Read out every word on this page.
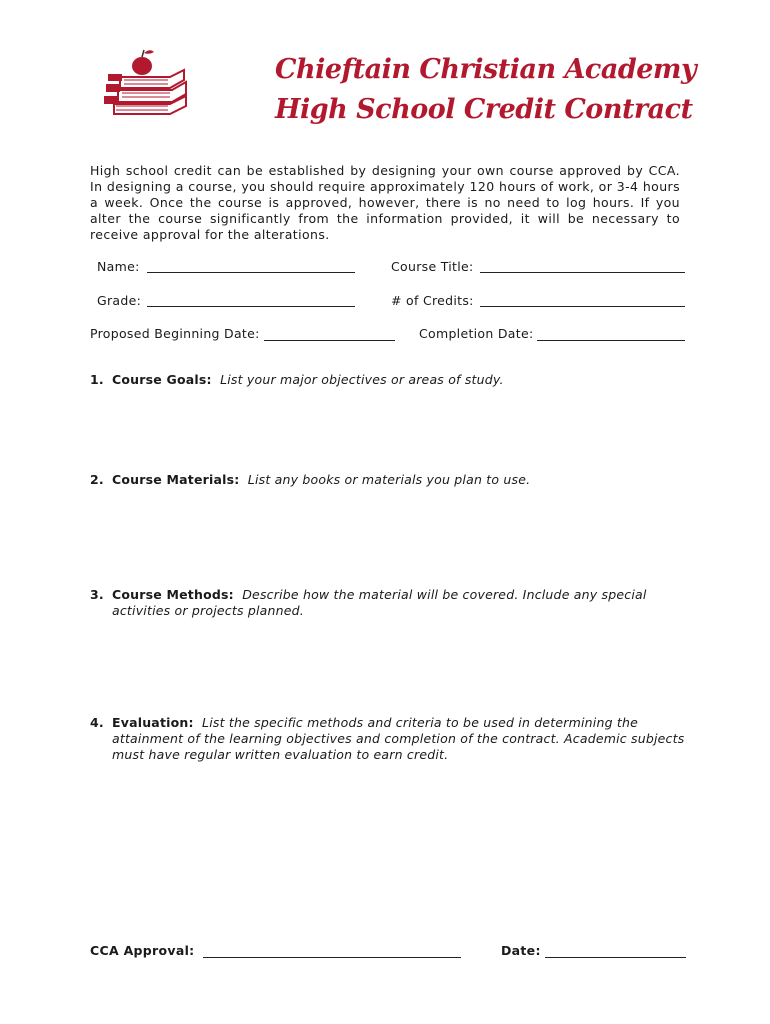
Chieftain Christian Academy
High School Credit Contract
High school credit can be established by designing your own course approved by CCA. In designing a course, you should require approximately 120 hours of work, or 3-4 hours a week. Once the course is approved, however, there is no need to log hours. If you alter the course significantly from the information provided, it will be necessary to receive approval for the alterations.
Name:	Course Title:
Grade:	# of Credits:
Proposed Beginning Date:	Completion Date:
1. Course Goals: List your major objectives or areas of study.
2. Course Materials: List any books or materials you plan to use.
3. Course Methods: Describe how the material will be covered. Include any special
activities or projects planned.
4. Evaluation: List the specific methods and criteria to be used in determining the
attainment of the learning objectives and completion of the contract. Academic subjects
must have regular written evaluation to earn credit.
CCA Approval:	Date:
